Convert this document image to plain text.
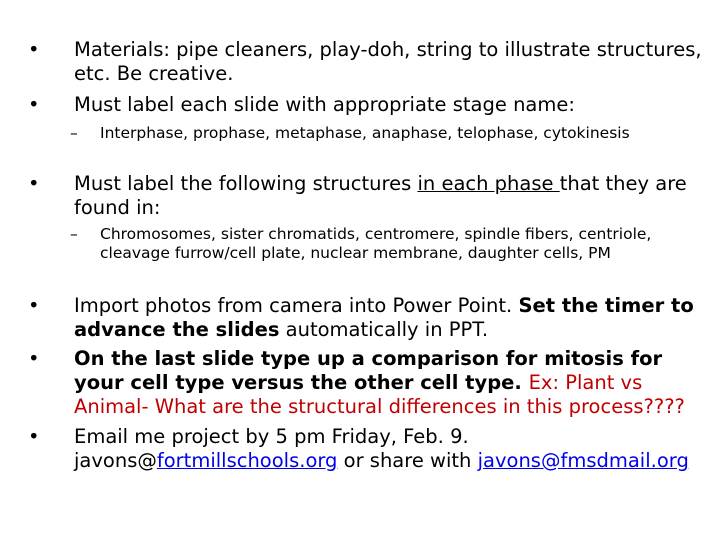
• Materials: pipe cleaners, play-doh, string to illustrate structures, etc. Be creative.
• Must label each slide with appropriate stage name:
– Interphase, prophase, metaphase, anaphase, telophase, cytokinesis
• Must label the following structures in each phase that they are found in:
– Chromosomes, sister chromatids, centromere, spindle fibers, centriole, cleavage furrow/cell plate, nuclear membrane, daughter cells, PM
• Import photos from camera into Power Point. Set the timer to advance the slides automatically in PPT.
• On the last slide type up a comparison for mitosis for your cell type versus the other cell type. Ex: Plant vs Animal- What are the structural differences in this process????
• Email me project by 5 pm Friday, Feb. 9. javons@fortmillschools.org or share with javons@fmsdmail.org
